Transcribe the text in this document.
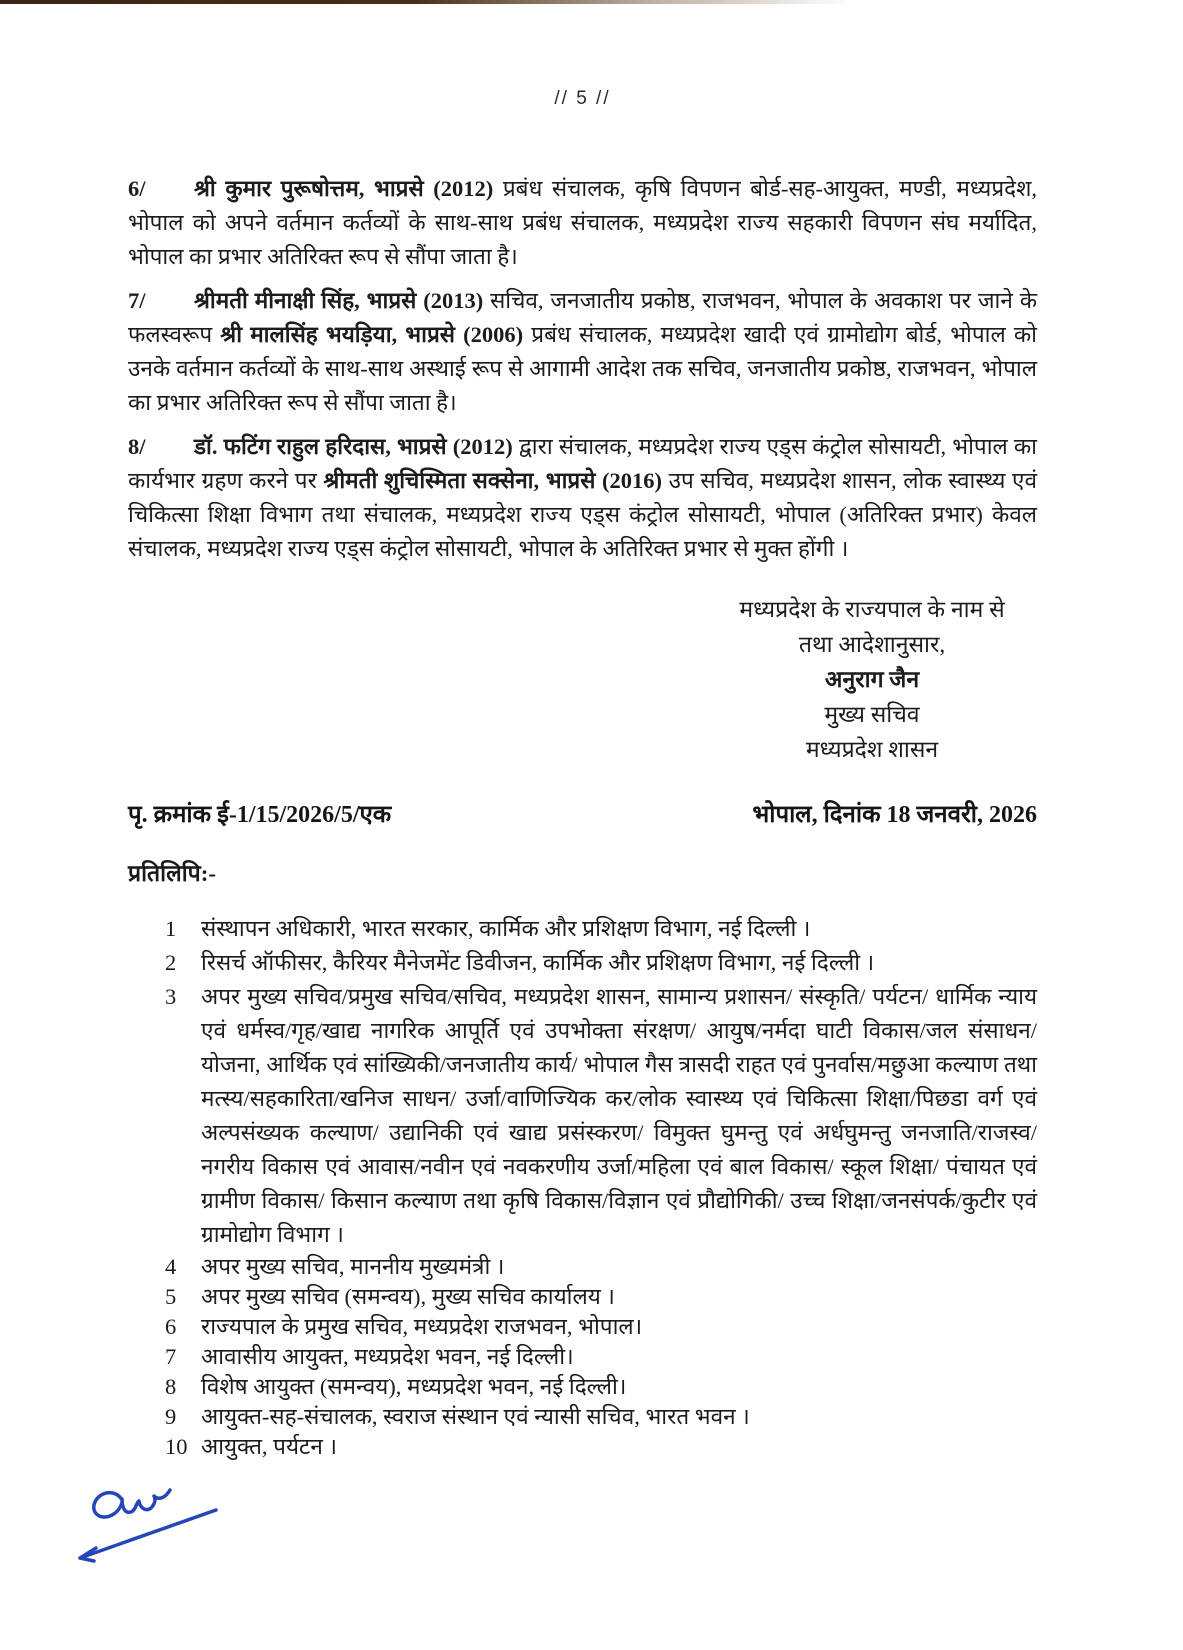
// 5 //

6/ श्री कुमार पुरूषोत्तम, भाप्रसे (2012) प्रबंध संचालक, कृषि विपणन बोर्ड-सह-आयुक्त, मण्डी, मध्यप्रदेश, भोपाल को अपने वर्तमान कर्तव्यों के साथ-साथ प्रबंध संचालक, मध्यप्रदेश राज्य सहकारी विपणन संघ मर्यादित, भोपाल का प्रभार अतिरिक्त रूप से सौंपा जाता है।

7/ श्रीमती मीनाक्षी सिंह, भाप्रसे (2013) सचिव, जनजातीय प्रकोष्ठ, राजभवन, भोपाल के अवकाश पर जाने के फलस्वरूप श्री मालसिंह भयड़िया, भाप्रसे (2006) प्रबंध संचालक, मध्यप्रदेश खादी एवं ग्रामोद्योग बोर्ड, भोपाल को उनके वर्तमान कर्तव्यों के साथ-साथ अस्थाई रूप से आगामी आदेश तक सचिव, जनजातीय प्रकोष्ठ, राजभवन, भोपाल का प्रभार अतिरिक्त रूप से सौंपा जाता है।

8/ डॉ. फटिंग राहुल हरिदास, भाप्रसे (2012) द्वारा संचालक, मध्यप्रदेश राज्य एड्स कंट्रोल सोसायटी, भोपाल का कार्यभार ग्रहण करने पर श्रीमती शुचिस्मिता सक्सेना, भाप्रसे (2016) उप सचिव, मध्यप्रदेश शासन, लोक स्वास्थ्य एवं चिकित्सा शिक्षा विभाग तथा संचालक, मध्यप्रदेश राज्य एड्स कंट्रोल सोसायटी, भोपाल (अतिरिक्त प्रभार) केवल संचालक, मध्यप्रदेश राज्य एड्स कंट्रोल सोसायटी, भोपाल के अतिरिक्त प्रभार से मुक्त होंगी ।

मध्यप्रदेश के राज्यपाल के नाम से
तथा आदेशानुसार,
अनुराग जैन
मुख्य सचिव
मध्यप्रदेश शासन
पृ. क्रमांक ई-1/15/2026/5/एक	भोपाल, दिनांक 18 जनवरी, 2026
प्रतिलिपि:-
1	संस्थापन अधिकारी, भारत सरकार, कार्मिक और प्रशिक्षण विभाग, नई दिल्ली ।
2	रिसर्च ऑफीसर, कैरियर मैनेजमेंट डिवीजन, कार्मिक और प्रशिक्षण विभाग, नई दिल्ली ।
3	अपर मुख्य सचिव/प्रमुख सचिव/सचिव, मध्यप्रदेश शासन, सामान्य प्रशासन/ संस्कृति/ पर्यटन/ धार्मिक न्याय एवं धर्मस्व/गृह/खाद्य नागरिक आपूर्ति एवं उपभोक्ता संरक्षण/ आयुष/नर्मदा घाटी विकास/जल संसाधन/योजना, आर्थिक एवं सांख्यिकी/जनजातीय कार्य/ भोपाल गैस त्रासदी राहत एवं पुनर्वास/मछुआ कल्याण तथा मत्स्य/सहकारिता/खनिज साधन/ उर्जा/वाणिज्यिक कर/लोक स्वास्थ्य एवं चिकित्सा शिक्षा/पिछडा वर्ग एवं अल्पसंख्यक कल्याण/ उद्यानिकी एवं खाद्य प्रसंस्करण/ विमुक्त घुमन्तु एवं अर्धघुमन्तु जनजाति/राजस्व/नगरीय विकास एवं आवास/नवीन एवं नवकरणीय उर्जा/महिला एवं बाल विकास/ स्कूल शिक्षा/ पंचायत एवं ग्रामीण विकास/ किसान कल्याण तथा कृषि विकास/विज्ञान एवं प्रौद्योगिकी/ उच्च शिक्षा/जनसंपर्क/कुटीर एवं ग्रामोद्योग विभाग ।
4	अपर मुख्य सचिव, माननीय मुख्यमंत्री ।
5	अपर मुख्य सचिव (समन्वय), मुख्य सचिव कार्यालय ।
6	राज्यपाल के प्रमुख सचिव, मध्यप्रदेश राजभवन, भोपाल।
7	आवासीय आयुक्त, मध्यप्रदेश भवन, नई दिल्ली।
8	विशेष आयुक्त (समन्वय), मध्यप्रदेश भवन, नई दिल्ली।
9	आयुक्त-सह-संचालक, स्वराज संस्थान एवं न्यासी सचिव, भारत भवन ।
10 आयुक्त, पर्यटन ।
